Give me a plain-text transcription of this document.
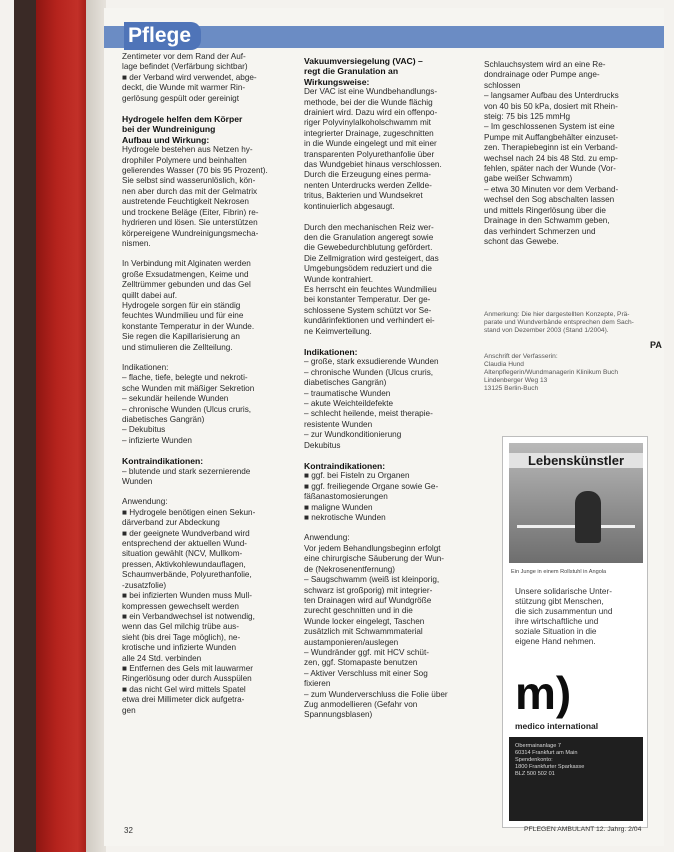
Pflege
Zentimeter vor dem Rand der Auf-
lage befindet (Verfärbung sichtbar)
■ der Verband wird verwendet, abge-
deckt, die Wunde mit warmer Rin-
gerlösung gespült oder gereinigt
Hydrogele helfen dem Körper
bei der Wundreinigung
Aufbau und Wirkung:
Hydrogele bestehen aus Netzen hy-
drophiler Polymere und beinhalten
gelierendes Wasser (70 bis 95 Prozent).
Sie selbst sind wasserunlöslich, kön-
nen aber durch das mit der Gelmatrix
austretende Feuchtigkeit Nekrosen
und trockene Beläge (Eiter, Fibrin) re-
hydrieren und lösen. Sie unterstützen
körpereigene Wundreinigungsmecha-
nismen.
In Verbindung mit Alginaten werden
große Exsudatmengen, Keime und
Zelltrümmer gebunden und das Gel
quillt dabei auf.
Hydrogele sorgen für ein ständig
feuchtes Wundmilieu und für eine
konstante Temperatur in der Wunde.
Sie regen die Kapillarisierung an
und stimulieren die Zellteilung.
Indikationen:
– flache, tiefe, belegte und nekroti-
sche Wunden mit mäßiger Sekretion
– sekundär heilende Wunden
– chronische Wunden (Ulcus cruris,
diabetisches Gangrän)
– Dekubitus
– infizierte Wunden
Kontraindikationen:
– blutende und stark sezernierende
Wunden
Anwendung:
■ Hydrogele benötigen einen Sekun-
därverband zur Abdeckung
■ der geeignete Wundverband wird
entsprechend der aktuellen Wund-
situation gewählt (NCV, Mullkom-
pressen, Aktivkohlewundauflagen,
Schaumverbände, Polyurethanfolie,
-zusatzfolie)
■ bei infizierten Wunden muss Mull-
kompressen gewechselt werden
■ ein Verbandwechsel ist notwendig,
wenn das Gel milchig trübe aus-
sieht (bis drei Tage möglich), ne-
krotische und infizierte Wunden
alle 24 Std. verbinden
■ Entfernen des Gels mit lauwarmer
Ringerlösung oder durch Ausspülen
■ das nicht Gel wird mittels Spatel
etwa drei Millimeter dick aufgetra-
gen
Vakuumversiegelung (VAC) –
regt die Granulation an
Wirkungsweise:
Der VAC ist eine Wundbehandlungs-
methode, bei der die Wunde flächig
drainiert wird. Dazu wird ein offenpo-
riger Polyvinylalkoholschwamm mit
integrierter Drainage, zugeschnitten
in die Wunde eingelegt und mit einer
transparenten Polyurethanfolie über
das Wundgebiet hinaus verschlossen.
Durch die Erzeugung eines perma-
nenten Unterdrucks werden Zellde-
tritus, Bakterien und Wundsekret
kontinuierlich abgesaugt.

Durch den mechanischen Reiz wer-
den die Granulation angeregt sowie
die Gewebedurchblutung gefördert.
Die Zellmigration wird gesteigert, das
Umgebungsödem reduziert und die
Wunde kontrahiert.
Es herrscht ein feuchtes Wundmilieu
bei konstanter Temperatur. Der ge-
schlossene System schützt vor Se-
kundärinfektionen und verhindert ei-
ne Keimverteilung.
Indikationen:
– große, stark exsudierende Wunden
– chronische Wunden (Ulcus cruris,
diabetisches Gangrän)
– traumatische Wunden
– akute Weichteildefekte
– schlecht heilende, meist therapie-
resistente Wunden
– zur Wundkonditionierung
Dekubitus
Kontraindikationen:
■ ggf. bei Fisteln zu Organen
■ ggf. freiliegende Organe sowie Ge-
fäßanastomosierungen
■ maligne Wunden
■ nekrotische Wunden
Anwendung:
Vor jedem Behandlungsbeginn erfolgt
eine chirurgische Säuberung der Wun-
de (Nekrosenentfernung)
– Saugschwamm (weiß ist kleinporig,
schwarz ist großporig) mit integrier-
ten Drainagen wird auf Wundgröße
zurecht geschnitten und in die
Wunde locker eingelegt, Taschen
zusätzlich mit Schwammmaterial
austamponieren/auslegen
– Wundränder ggf. mit HCV schüt-
zen, ggf. Stomapaste benutzen
– Aktiver Verschluss mit einer Sog
fixieren
– zum Wunderverschluss die Folie über
Zug anmodellieren (Gefahr von
Spannungsblasen)
Schlauchsystem wird an eine Re-
dondrainage oder Pumpe ange-
schlossen
– langsamer Aufbau des Unterdrucks
von 40 bis 50 kPa, dosiert mit Rhein-
steig: 75 bis 125 mmHg
– Im geschlossenen System ist eine
Pumpe mit Auffangbehälter einzuset-
zen. Therapiebeginn ist ein Verband-
wechsel nach 24 bis 48 Std. zu emp-
fehlen, später nach der Wunde (Vor-
gabe weißer Schwamm)
– etwa 30 Minuten vor dem Verband-
wechsel den Sog abschalten lassen
und mittels Ringerlösung über die
Drainage in den Schwamm geben,
das verhindert Schmerzen und
schont das Gewebe.
Anmerkung: Die hier dargestellten Konzepte, Prä-
parate und Wundverbände entsprechen dem Sach-
stand von Dezember 2003 (Stand 1/2004).
Anschrift der Verfasserin:
Claudia Hund
Altenpflegerin/Wundmanagerin Klinikum Buch
Lindenberger Weg 13
13125 Berlin-Buch
PA
Lebenskünstler
Ein Junge in einem Rollstuhl in Angola
Unsere solidarische Unter-
stützung gibt Menschen,
die sich zusammentun und
ihre wirtschaftliche und
soziale Situation in die
eigene Hand nehmen.
m)
medico international
Obermainanlage 7
60314 Frankfurt am Main
Spendenkonto:
1800 Frankfurter Sparkasse
BLZ 500 502 01
32	PFLEGEN AMBULANT 12. Jahrg. 2/04
